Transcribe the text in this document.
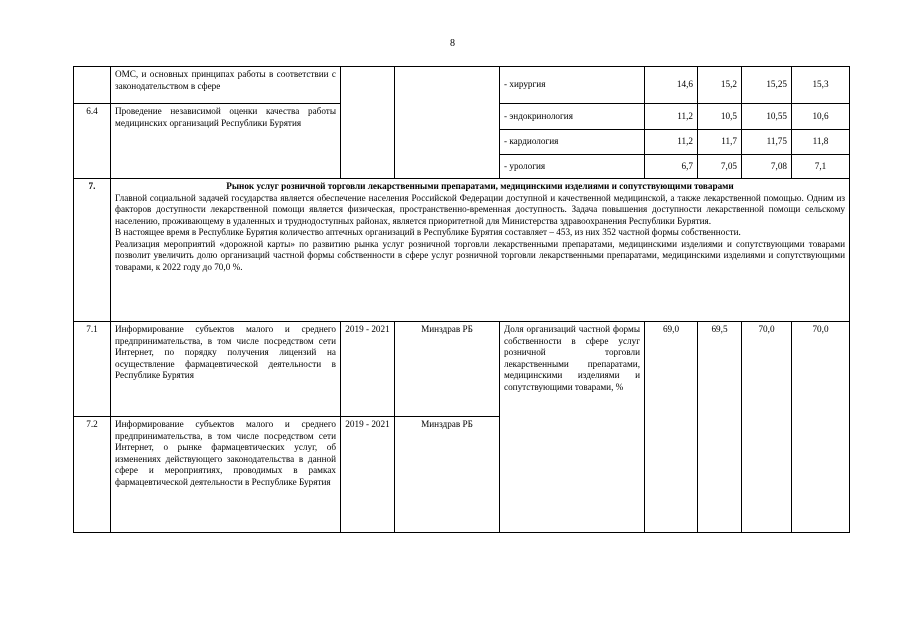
8
	ОМС, и основных принципах работы в соответствии с законодательством в сфере			- хирургия	14,6	15,2	15,25	15,3
6.4	Проведение независимой оценки качества работы медицинских организаций Республики Бурятия			- эндокринология	11,2	10,5	10,55	10,6
				- кардиология	11,2	11,7	11,75	11,8
				- урология	6,7	7,05	7,08	7,1
7.	Рынок услуг розничной торговли лекарственными препаратами, медицинскими изделиями и сопутствующими товарами

Главной социальной задачей государства является обеспечение населения Российской Федерации доступной и качественной медицинской, а также лекарственной помощью. Одним из факторов доступности лекарственной помощи является физическая, пространственно-временная доступность. Задача повышения доступности лекарственной помощи сельскому населению, проживающему в удаленных и труднодоступных районах, является приоритетной для Министерства здравоохранения Республики Бурятия.

В настоящее время в Республике Бурятия количество аптечных организаций в Республике Бурятия составляет – 453, из них 352 частной формы собственности.

Реализация мероприятий «дорожной карты» по развитию рынка услуг розничной торговли лекарственными препаратами, медицинскими изделиями и сопутствующими товарами позволит увеличить долю организаций частной формы собственности в сфере услуг розничной торговли лекарственными препаратами, медицинскими изделиями и сопутствующими товарами, к 2022 году до 70,0 %.							

7.1	Информирование субъектов малого и среднего предпринимательства, в том числе посредством сети Интернет, по порядку получения лицензий на осуществление фармацевтической деятельности в Республике Бурятия	2019 - 2021	Минздрав РБ	Доля организаций частной формы собственности в сфере услуг розничной торговли лекарственными препаратами, медицинскими изделиями и сопутствующими товарами, %	69,0	69,5	70,0	70,0
7.2	Информирование субъектов малого и среднего предпринимательства, в том числе посредством сети Интернет, о рынке фармацевтических услуг, об изменениях действующего законодательства в данной сфере и мероприятиях, проводимых в рамках фармацевтической деятельности в Республике Бурятия	2019 - 2021	Минздрав РБ					
